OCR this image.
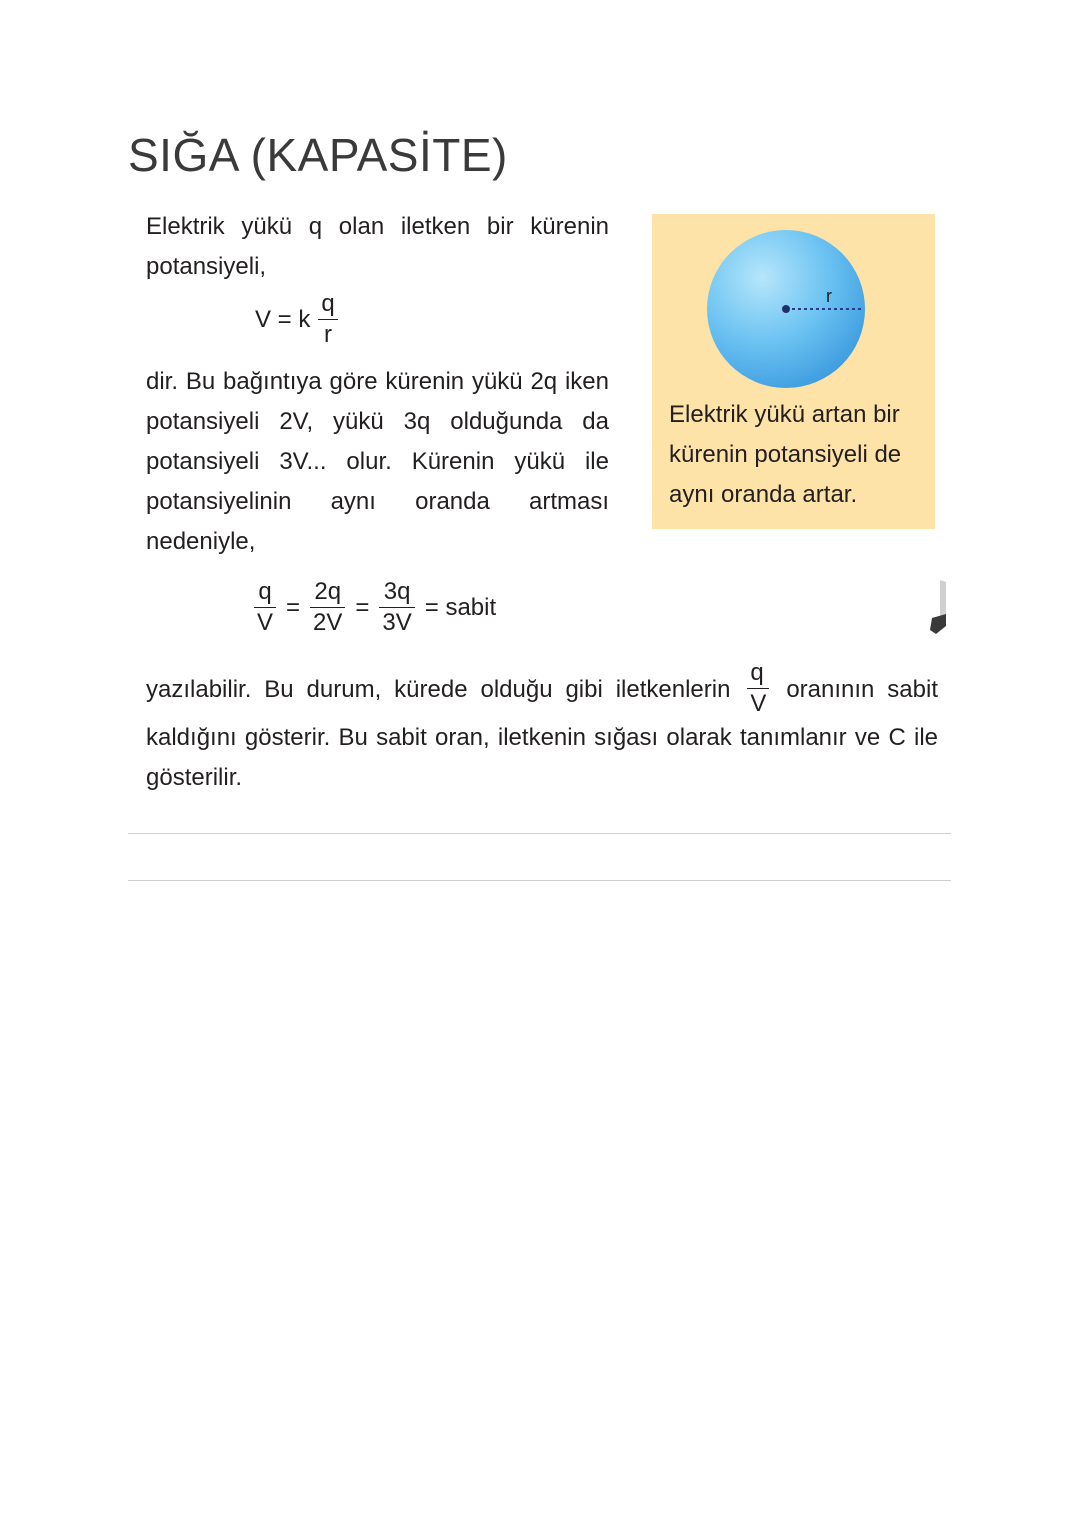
SIĞA (KAPASİTE)
Elektrik yükü q olan iletken bir kürenin potansiyeli,
V = k $\frac{q}{r}$
dir. Bu bağıntıya göre kürenin yükü 2q iken potansiyeli 2V, yükü 3q olduğunda da potansiyeli 3V... olur. Kürenin yükü ile potansiyelinin aynı oranda artması nedeniyle,
$\frac{q}{V} = \frac{2q}{2V} = \frac{3q}{3V}$ = sabit
yazılabilir. Bu durum, kürede olduğu gibi iletkenlerin $\frac{q}{V}$ oranının sabit kaldığını gösterir. Bu sabit oran, iletkenin sığası olarak tanımlanır ve C ile gösterilir.
r
Elektrik yükü artan bir kürenin potansiyeli de aynı oranda artar.
